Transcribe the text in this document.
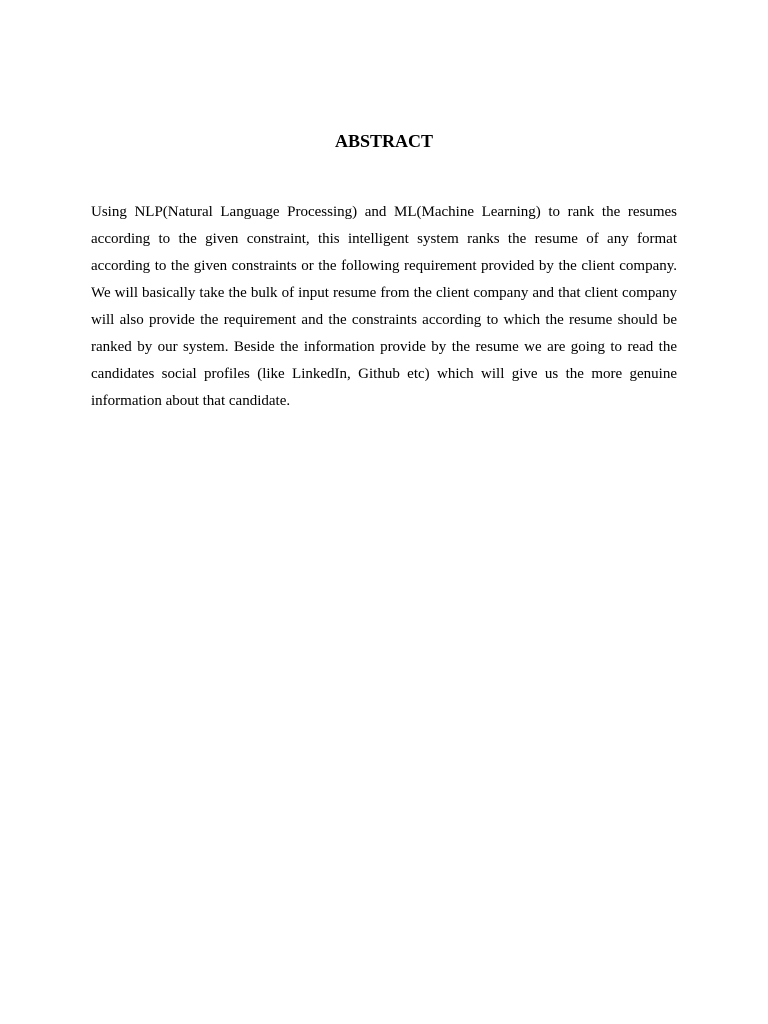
ABSTRACT

Using NLP(Natural Language Processing) and ML(Machine Learning) to rank the resumes according to the given constraint, this intelligent system ranks the resume of any format according to the given constraints or the following requirement provided by the client company. We will basically take the bulk of input resume from the client company and that client company will also provide the requirement and the constraints according to which the resume should be ranked by our system. Beside the information provide by the resume we are going to read the candidates social profiles (like LinkedIn, Github etc) which will give us the more genuine information about that candidate.
